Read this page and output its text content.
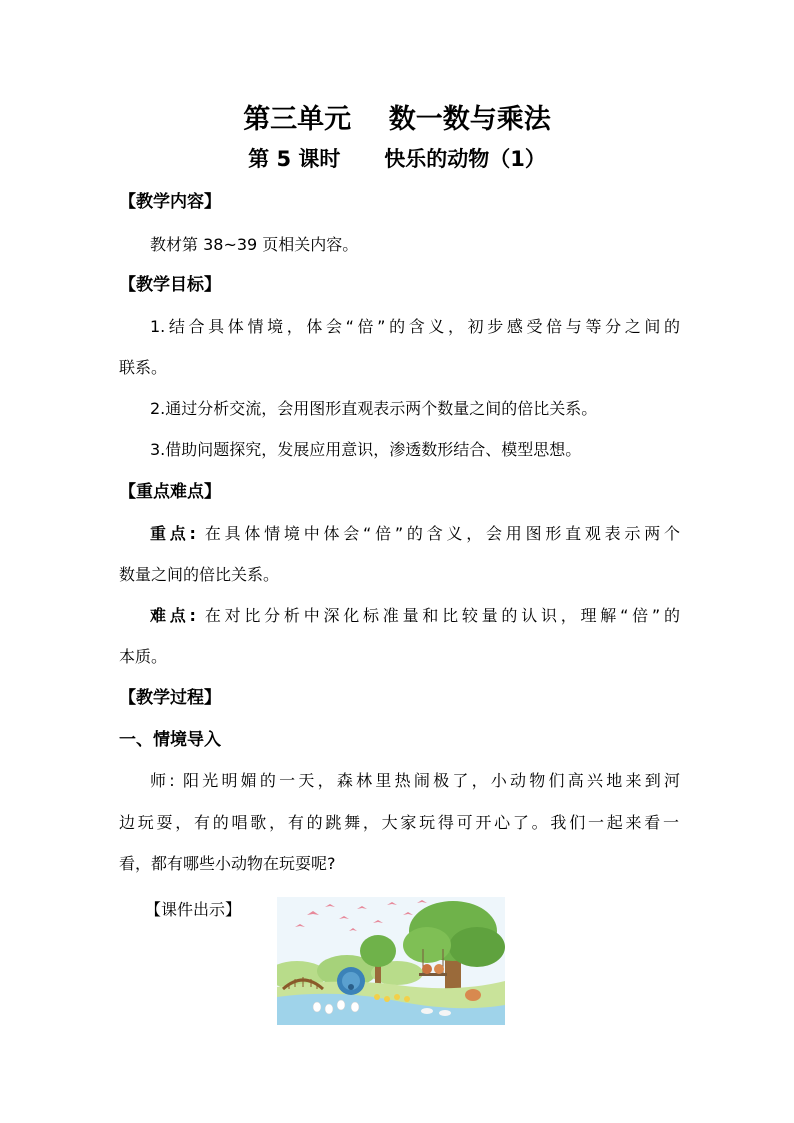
第三单元    数一数与乘法
第 5 课时      快乐的动物（1）
【教学内容】
教材第 38~39 页相关内容。
【教学目标】
1.结合具体情境，体会“倍”的含义，初步感受倍与等分之间的
联系。
2.通过分析交流，会用图形直观表示两个数量之间的倍比关系。
3.借助问题探究，发展应用意识，渗透数形结合、模型思想。
【重点难点】
重点: 在具体情境中体会“倍”的含义，会用图形直观表示两个
数量之间的倍比关系。
难点: 在对比分析中深化标准量和比较量的认识，理解“倍”的
本质。
【教学过程】
一、情境导入
师: 阳光明媚的一天，森林里热闹极了，小动物们高兴地来到河
边玩耍，有的唱歌，有的跳舞，大家玩得可开心了。我们一起来看一
看，都有哪些小动物在玩耍呢?
【课件出示】
